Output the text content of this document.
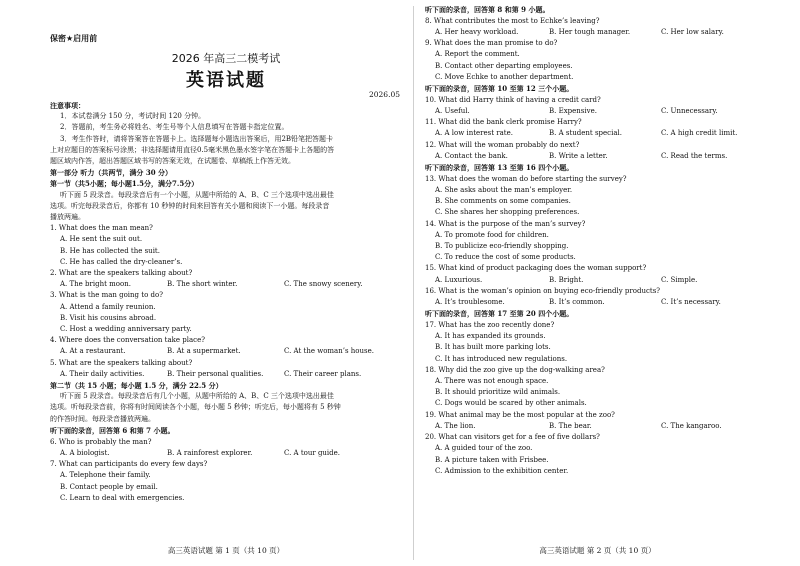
保密★启用前
2026 年高三二模考试
英语试题
2026.05
注意事项：
1．本试卷满分 150 分，考试时间 120 分钟。
2．答题前，考生务必将姓名、考生号等个人信息填写在答题卡指定位置。
3．考生作答时，请将答案答在答题卡上。选择题每小题选出答案后，用2B铅笔把答题卡
上对应题目的答案标号涂黑；非选择题请用直径0.5毫米黑色墨水签字笔在答题卡上各题的答
题区域内作答，超出答题区域书写的答案无效，在试题卷、草稿纸上作答无效。
第一部分 听力（共两节，满分 30 分）
第一节（共5小题；每小题1.5分，满分7.5分）
听下面 5 段录音。每段录音后有一个小题，从题中所给的 A、B、C 三个选项中选出最佳
选项。听完每段录音后，你都有 10 秒钟的时间来回答有关小题和阅读下一小题。每段录音
播放两遍。
1. What does the man mean?
A. He sent the suit out.
B. He has collected the suit.
C. He has called the dry-cleaner’s.
2. What are the speakers talking about?
A. The bright moon.	B. The short winter.	C. The snowy scenery.
3. What is the man going to do?
A. Attend a family reunion.
B. Visit his cousins abroad.
C. Host a wedding anniversary party.
4. Where does the conversation take place?
A. At a restaurant.	B. At a supermarket.	C. At the woman’s house.
5. What are the speakers talking about?
A. Their daily activities.	B. Their personal qualities.	C. Their career plans.
第二节（共 15 小题；每小题 1.5 分，满分 22.5 分）
听下面 5 段录音。每段录音后有几个小题，从题中所给的 A、B、C 三个选项中选出最佳
选项。听每段录音前，你将有时间阅读各个小题，每小题 5 秒钟；听完后，每小题将有 5 秒钟
的作答时间。每段录音播放两遍。
听下面的录音，回答第 6 和第 7 小题。
6. Who is probably the man?
A. A biologist.	B. A rainforest explorer.	C. A tour guide.
7. What can participants do every few days?
A. Telephone their family.
B. Contact people by email.
C. Learn to deal with emergencies.
高三英语试题 第 1 页（共 10 页）
听下面的录音，回答第 8 和第 9 小题。
8. What contributes the most to Echke’s leaving?
A. Her heavy workload.	B. Her tough manager.	C. Her low salary.
9. What does the man promise to do?
A. Report the comment.
B. Contact other departing employees.
C. Move Echke to another department.
听下面的录音，回答第 10 至第 12 三个小题。
10. What did Harry think of having a credit card?
A. Useful.	B. Expensive.	C. Unnecessary.
11. What did the bank clerk promise Harry?
A. A low interest rate.	B. A student special.	C. A high credit limit.
12. What will the woman probably do next?
A. Contact the bank.	B. Write a letter.	C. Read the terms.
听下面的录音，回答第 13 至第 16 四个小题。
13. What does the woman do before starting the survey?
A. She asks about the man’s employer.
B. She comments on some companies.
C. She shares her shopping preferences.
14. What is the purpose of the man’s survey?
A. To promote food for children.
B. To publicize eco-friendly shopping.
C. To reduce the cost of some products.
15. What kind of product packaging does the woman support?
A. Luxurious.	B. Bright.	C. Simple.
16. What is the woman’s opinion on buying eco-friendly products?
A. It’s troublesome.	B. It’s common.	C. It’s necessary.
听下面的录音，回答第 17 至第 20 四个小题。
17. What has the zoo recently done?
A. It has expanded its grounds.
B. It has built more parking lots.
C. It has introduced new regulations.
18. Why did the zoo give up the dog-walking area?
A. There was not enough space.
B. It should prioritize wild animals.
C. Dogs would be scared by other animals.
19. What animal may be the most popular at the zoo?
A. The lion.	B. The bear.	C. The kangaroo.
20. What can visitors get for a fee of five dollars?
A. A guided tour of the zoo.
B. A picture taken with Frisbee.
C. Admission to the exhibition center.
高三英语试题 第 2 页（共 10 页）
